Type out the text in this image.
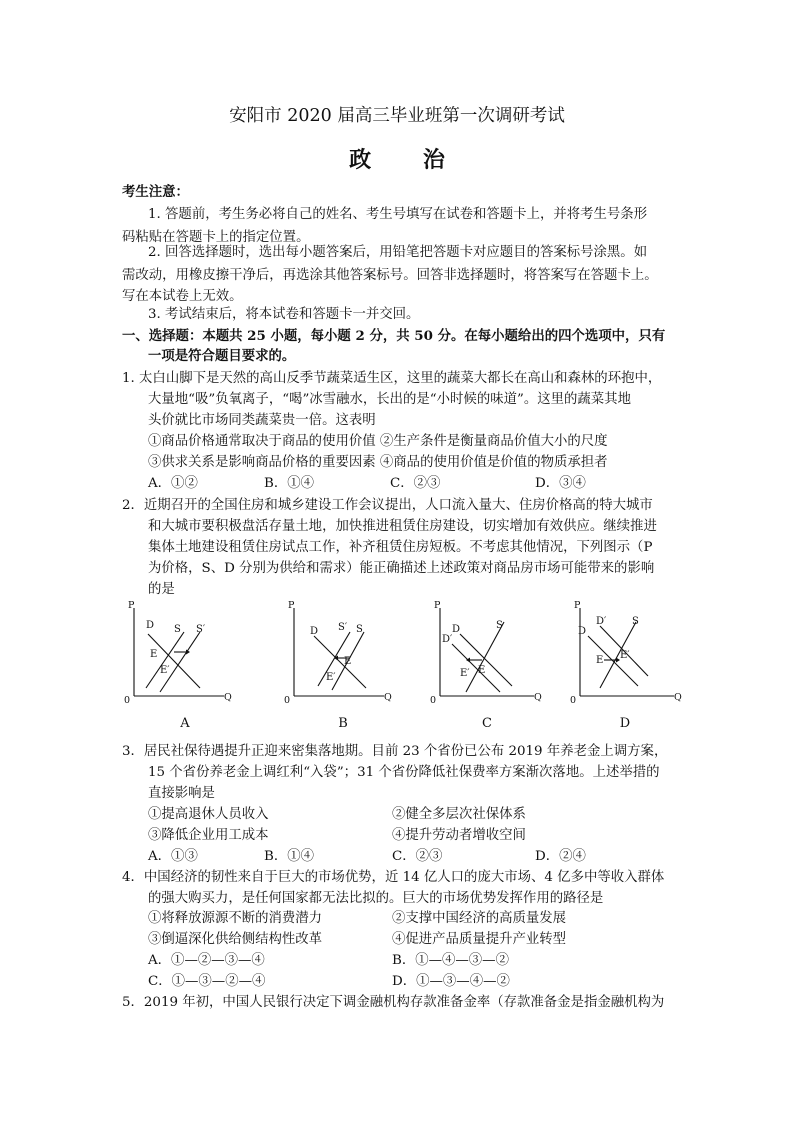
安阳市 2020 届高三毕业班第一次调研考试
政 治
考生注意：
1. 答题前，考生务必将自己的姓名、考生号填写在试卷和答题卡上，并将考生号条形
码粘贴在答题卡上的指定位置。
2. 回答选择题时，选出每小题答案后，用铅笔把答题卡对应题目的答案标号涂黑。如
需改动，用橡皮擦干净后，再选涂其他答案标号。回答非选择题时，将答案写在答题卡上。
写在本试卷上无效。
3. 考试结束后，将本试卷和答题卡一并交回。
一、选择题：本题共 25 小题，每小题 2 分，共 50 分。在每小题给出的四个选项中，只有
一项是符合题目要求的。
1. 太白山脚下是天然的高山反季节蔬菜适生区，这里的蔬菜大都长在高山和森林的环抱中，
大量地“吸”负氧离子，“喝”冰雪融水，长出的是“小时候的味道”。这里的蔬菜其地
头价就比市场同类蔬菜贵一倍。这表明
①商品价格通常取决于商品的使用价值 ②生产条件是衡量商品价值大小的尺度
③供求关系是影响商品价格的重要因素 ④商品的使用价值是价值的物质承担者
A．①②	B．①④	C．②③	D．③④
2．近期召开的全国住房和城乡建设工作会议提出，人口流入量大、住房价格高的特大城市
和大城市要积极盘活存量土地，加快推进租赁住房建设，切实增加有效供应。继续推进
集体土地建设租赁住房试点工作，补齐租赁住房短板。不考虑其他情况，下列图示（P
为价格，S、D 分别为供给和需求）能正确描述上述政策对商品房市场可能带来的影响
的是
P
Q
0
D S S′
E
E′
A
P
Q
0
D S′ S
E
E′
B
P
Q
0
D′
D	S
E
E′
C
P
Q
0
D
D′	S
E E′
D
3．居民社保待遇提升正迎来密集落地期。目前 23 个省份已公布 2019 年养老金上调方案，
15 个省份养老金上调红利“入袋”；31 个省份降低社保费率方案渐次落地。上述举措的
直接影响是
①提高退休人员收入	②健全多层次社保体系
③降低企业用工成本	④提升劳动者增收空间
A．①③	B．①④	C．②③	D．②④
4．中国经济的韧性来自于巨大的市场优势，近 14 亿人口的庞大市场、4 亿多中等收入群体
的强大购买力，是任何国家都无法比拟的。巨大的市场优势发挥作用的路径是
①将释放源源不断的消费潜力	②支撑中国经济的高质量发展
③倒逼深化供给侧结构性改革	④促进产品质量提升产业转型
A．①—②—③—④	B．①—④—③—②
C．①—③—②—④	D．①—③—④—②
5．2019 年初，中国人民银行决定下调金融机构存款准备金率（存款准备金是指金融机构为
